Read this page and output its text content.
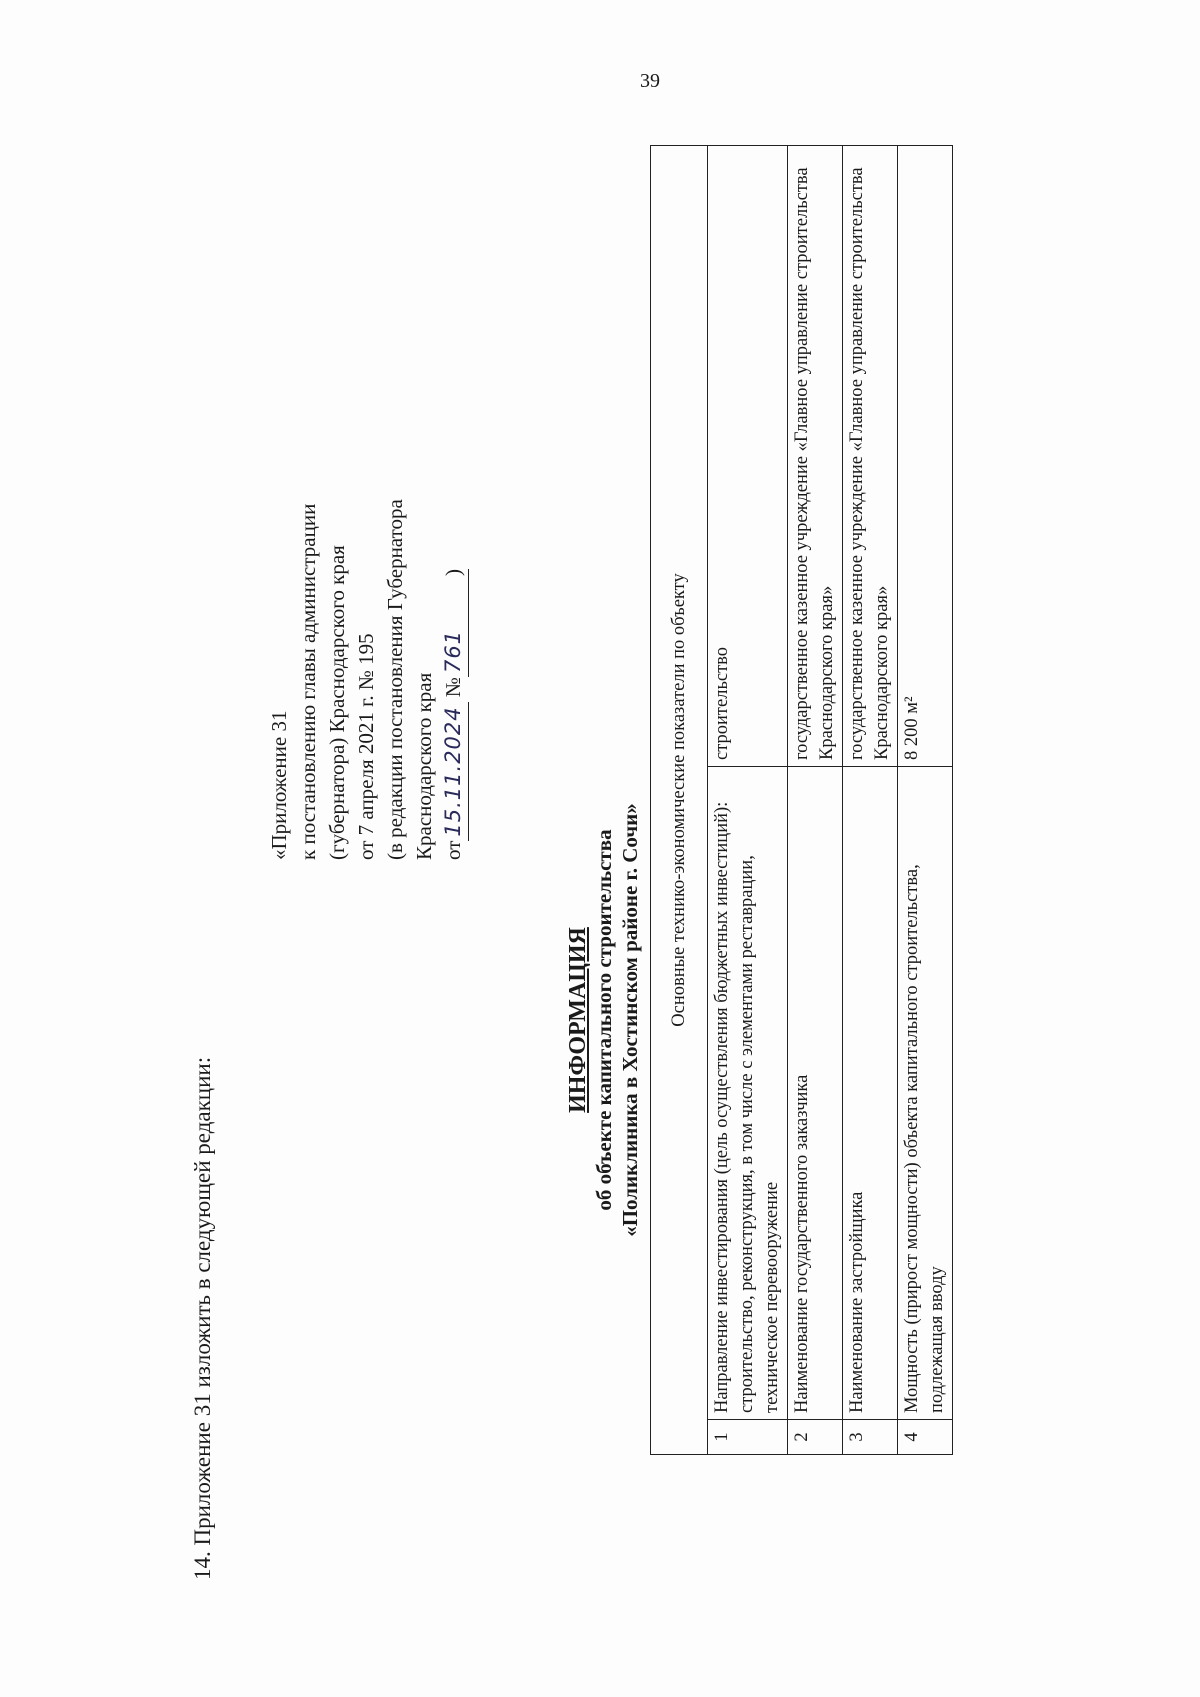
39
14. Приложение 31 изложить в следующей редакции:
«Приложение 31 к постановлению главы администрации (губернатора) Краснодарского края от 7 апреля 2021 г. № 195 (в редакции постановления Губернатора Краснодарского края от15.11.2024 №761)
ИНФОРМАЦИЯ об объекте капитального строительства «Поликлиника в Хостинском районе г. Сочи» Основные технико-экономические показатели по объекту		
1	Направление инвестирования (цель осуществления бюджетных инвестиций): строительство, реконструкция, в том числе с элементами реставрации, техническое перевооружение	строительство
2	Наименование государственного заказчика	государственное казенное учреждение «Главное управление строительства Краснодарского края»
3	Наименование застройщика	государственное казенное учреждение «Главное управление строительства Краснодарского края»
4	Мощность (прирост мощности) объекта капитального строительства, подлежащая вводу	8 200 м²
